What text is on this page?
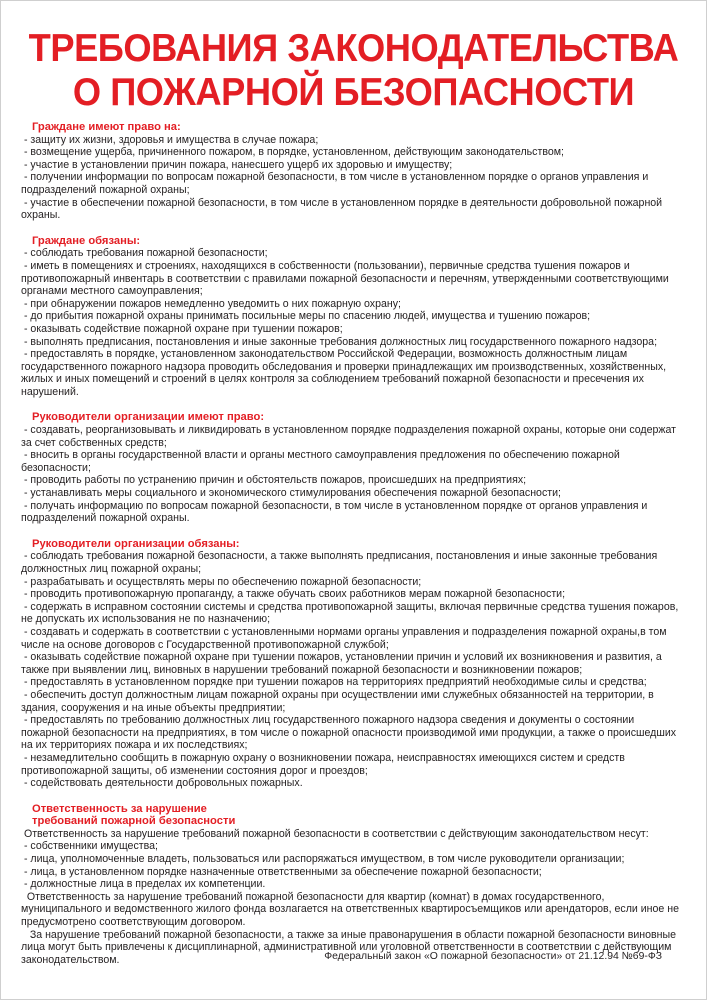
ТРЕБОВАНИЯ ЗАКОНОДАТЕЛЬСТВА
О ПОЖАРНОЙ БЕЗОПАСНОСТИ
Граждане имеют право на:

- защиту их жизни, здоровья и имущества в случае пожара;

- возмещение ущерба, причиненного пожаром, в порядке, установленном, действующим законодательством;

- участие в установлении причин пожара, нанесшего ущерб их здоровью и имуществу;

- получении информации по вопросам пожарной безопасности, в том числе в установленном порядке о органов управления и подразделений пожарной охраны;

- участие в обеспечении пожарной безопасности, в том числе в установленном порядке в деятельности добровольной пожарной охраны.

Граждане обязаны:

- соблюдать требования пожарной безопасности;

- иметь в помещениях и строениях, находящихся в собственности (пользовании), первичные средства тушения пожаров и противопожарный инвентарь в соответствии с правилами пожарной безопасности и перечням, утвержденными соответствующими органами местного самоуправления;

- при обнаружении пожаров немедленно уведомить о них пожарную охрану;

- до прибытия пожарной охраны принимать посильные меры по спасению людей, имущества и тушению пожаров;

- оказывать содействие пожарной охране при тушении пожаров;

- выполнять предписания, постановления и иные законные требования должностных лиц государственного пожарного надзора;

- предоставлять в порядке, установленном законодательством Российской Федерации, возможность должностным лицам государственного пожарного надзора проводить обследования и проверки принадлежащих им производственных, хозяйственных, жилых и иных помещений и строений в целях контроля за соблюдением требований пожарной безопасности и пресечения их нарушений.

Руководители организации имеют право:

- создавать, реорганизовывать и ликвидировать в установленном порядке подразделения пожарной охраны, которые они содержат за счет собственных средств;

- вносить в органы государственной власти и органы местного самоуправления предложения по обеспечению пожарной безопасности;

- проводить работы по устранению причин и обстоятельств пожаров, происшедших на предприятиях;

- устанавливать меры социального и экономического стимулирования обеспечения пожарной безопасности;

- получать информацию по вопросам пожарной безопасности, в том числе в установленном порядке от органов управления и подразделений пожарной охраны.

Руководители организации обязаны:

- соблюдать требования пожарной безопасности, а также выполнять предписания, постановления и иные законные требования должностных лиц пожарной охраны;

- разрабатывать и осуществлять меры по обеспечению пожарной безопасности;

- проводить противопожарную пропаганду, а также обучать своих работников мерам пожарной безопасности;

- содержать в исправном состоянии системы и средства противопожарной защиты, включая первичные средства тушения пожаров, не допускать их использования не по назначению;

- создавать и содержать в соответствии с установленными нормами органы управления и подразделения пожарной охраны,в том числе на основе договоров с Государственной противопожарной службой;

- оказывать содействие пожарной охране при тушении пожаров, установлении причин и условий их возникновения и развития, а также при выявлении лиц, виновных в нарушении требований пожарной безопасности и возникновении пожаров;

- предоставлять в установленном порядке при тушении пожаров на территориях предприятий необходимые силы и средства;

- обеспечить доступ должностным лицам пожарной охраны при осуществлении ими служебных обязанностей на территории, в здания, сооружения и на иные объекты предприятии;

- предоставлять по требованию должностных лиц государственного пожарного надзора сведения и документы о состоянии пожарной безопасности на предприятиях, в том числе о пожарной опасности производимой ими продукции, а также о происшедших на их территориях пожара и их последствиях;

- незамедлительно сообщить в пожарную охрану о возникновении пожара, неисправностях имеющихся систем и средств противопожарной защиты, об изменении состояния дорог и проездов;

- содействовать деятельности добровольных пожарных.

Ответственность за нарушение
требований пожарной безопасности

Ответственность за нарушение требований пожарной безопасности в соответствии с действующим законодательством несут:

- собственники имущества;

- лица, уполномоченные владеть, пользоваться или распоряжаться имуществом, в том числе руководители организации;

- лица, в установленном порядке назначенные ответственными за обеспечение пожарной безопасности;

- должностные лица в пределах их компетенции.

Ответственность за нарушение требований пожарной безопасности для квартир (комнат) в домах государственного, муниципального и ведомственного жилого фонда возлагается на ответственных квартиросъемщиков или арендаторов, если иное не предусмотрено соответствующим договором.

За нарушение требований пожарной безопасности, а также за иные правонарушения в области пожарной безопасности виновные лица могут быть привлечены к дисциплинарной, административной или уголовной ответственности в соответствии с действующим законодательством.	Федеральный закон «О пожарной безопасности» от 21.12.94 №69-ФЗ
